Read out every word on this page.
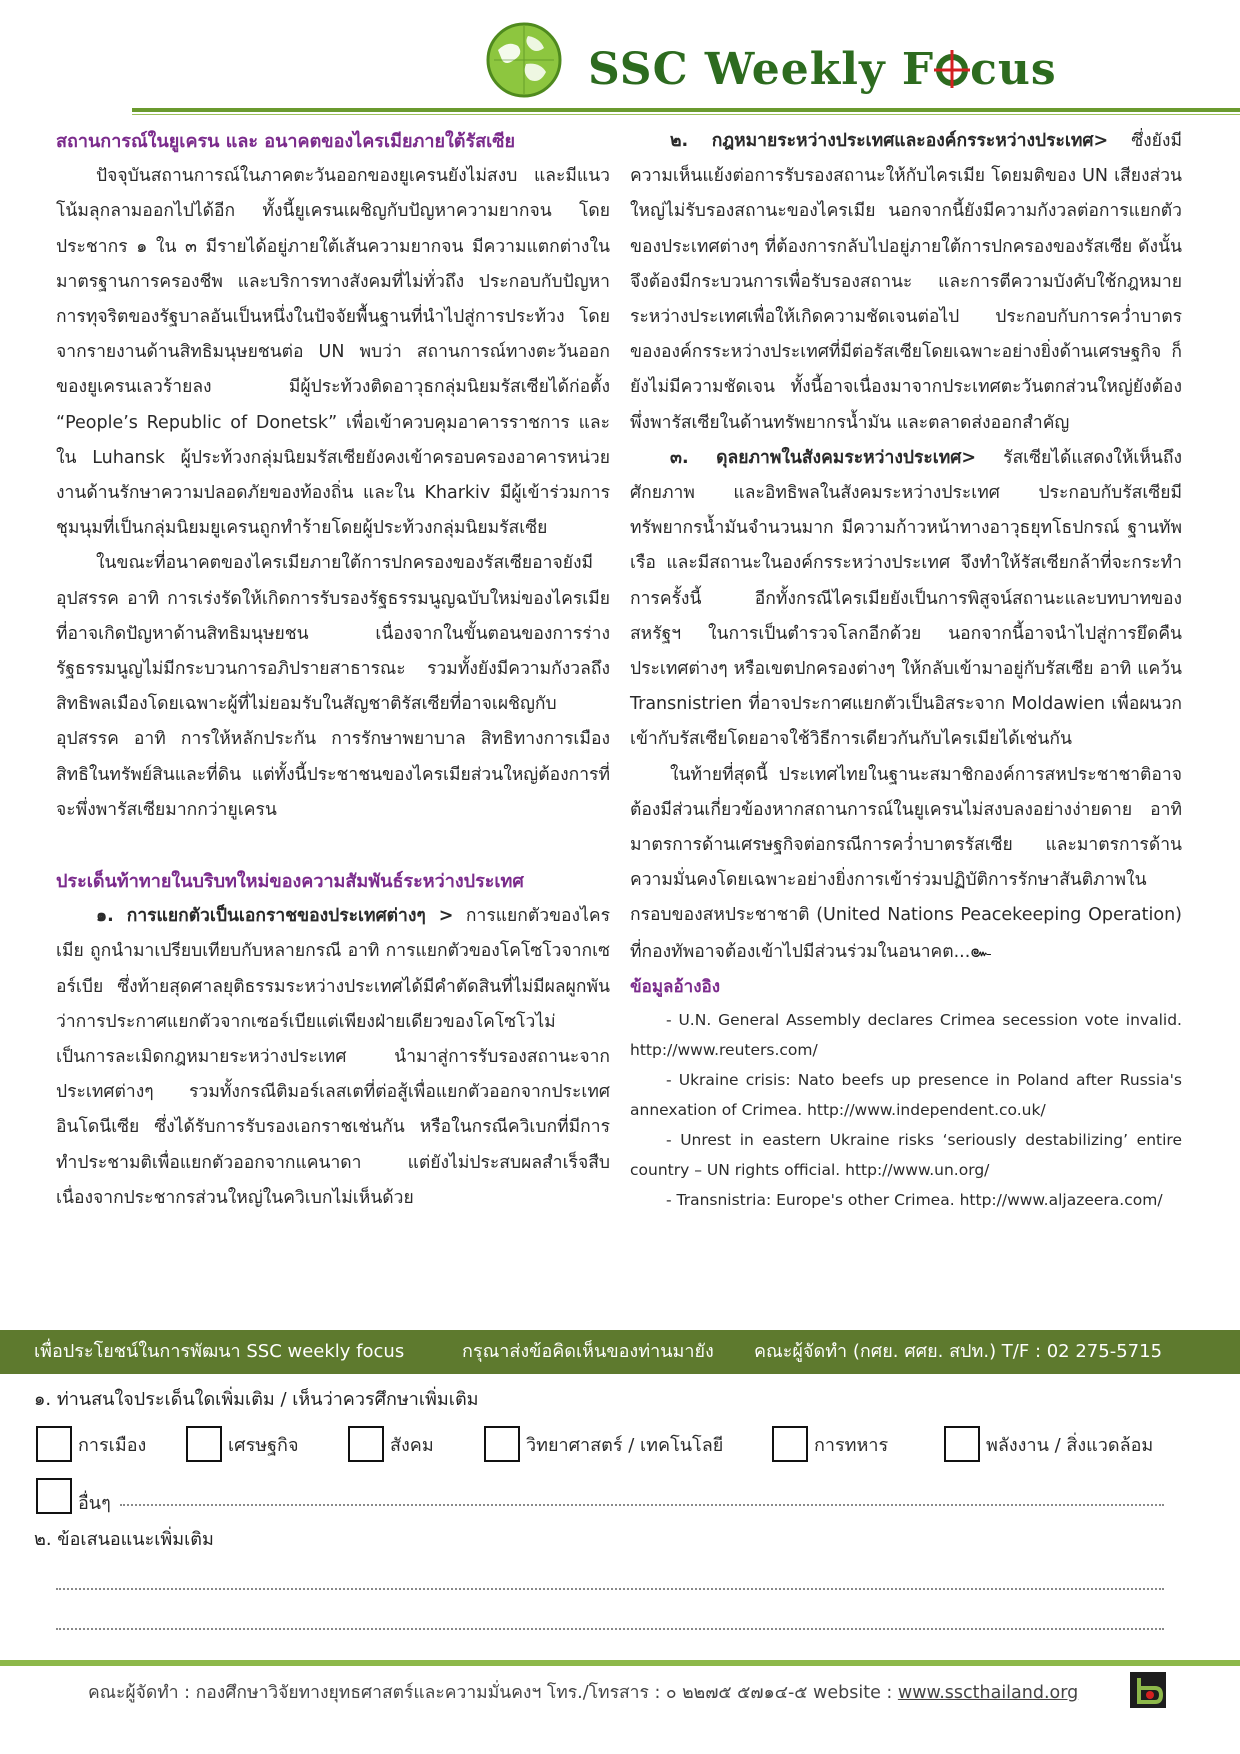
SSC Weekly F cus

สถานการณ์ในยูเครน และ อนาคตของไครเมียภายใต้รัสเซีย

ปัจจุบันสถานการณ์ในภาคตะวันออกของยูเครนยังไม่สงบ และมีแนวโน้มลุกลามออกไปได้อีก ทั้งนี้ยูเครนเผชิญกับปัญหาความยากจน โดยประชากร ๑ ใน ๓ มีรายได้อยู่ภายใต้เส้นความยากจน มีความแตกต่างในมาตรฐานการครองชีพ และบริการทางสังคมที่ไม่ทั่วถึง ประกอบกับปัญหาการทุจริตของรัฐบาลอันเป็นหนึ่งในปัจจัยพื้นฐานที่นำไปสู่การประท้วง โดยจากรายงานด้านสิทธิมนุษยชนต่อ UN พบว่า สถานการณ์ทางตะวันออกของยูเครนเลวร้ายลง มีผู้ประท้วงติดอาวุธกลุ่มนิยมรัสเซียได้ก่อตั้ง “People’s Republic of Donetsk” เพื่อเข้าควบคุมอาคารราชการ และใน Luhansk ผู้ประท้วงกลุ่มนิยมรัสเซียยังคงเข้าครอบครองอาคารหน่วยงานด้านรักษาความปลอดภัยของท้องถิ่น และใน Kharkiv มีผู้เข้าร่วมการชุมนุมที่เป็นกลุ่มนิยมยูเครนถูกทำร้ายโดยผู้ประท้วงกลุ่มนิยมรัสเซีย

ในขณะที่อนาคตของไครเมียภายใต้การปกครองของรัสเซียอาจยังมีอุปสรรค อาทิ การเร่งรัดให้เกิดการรับรองรัฐธรรมนูญฉบับใหม่ของไครเมียที่อาจเกิดปัญหาด้านสิทธิมนุษยชน เนื่องจากในขั้นตอนของการร่างรัฐธรรมนูญไม่มีกระบวนการอภิปรายสาธารณะ รวมทั้งยังมีความกังวลถึงสิทธิพลเมืองโดยเฉพาะผู้ที่ไม่ยอมรับในสัญชาติรัสเซียที่อาจเผชิญกับอุปสรรค อาทิ การให้หลักประกัน การรักษาพยาบาล สิทธิทางการเมือง สิทธิในทรัพย์สินและที่ดิน แต่ทั้งนี้ประชาชนของไครเมียส่วนใหญ่ต้องการที่จะพึ่งพารัสเซียมากกว่ายูเครน

ประเด็นท้าทายในบริบทใหม่ของความสัมพันธ์ระหว่างประเทศ

๑. การแยกตัวเป็นเอกราชของประเทศต่างๆ > การแยกตัวของไครเมีย ถูกนำมาเปรียบเทียบกับหลายกรณี อาทิ การแยกตัวของโคโซโวจากเซอร์เบีย ซึ่งท้ายสุดศาลยุติธรรมระหว่างประเทศได้มีคำตัดสินที่ไม่มีผลผูกพันว่าการประกาศแยกตัวจากเซอร์เบียแต่เพียงฝ่ายเดียวของโคโซโวไม่เป็นการละเมิดกฎหมายระหว่างประเทศ นำมาสู่การรับรองสถานะจากประเทศต่างๆ รวมทั้งกรณีติมอร์เลสเตที่ต่อสู้เพื่อแยกตัวออกจากประเทศอินโดนีเซีย ซึ่งได้รับการรับรองเอกราชเช่นกัน หรือในกรณีควิเบกที่มีการทำประชามติเพื่อแยกตัวออกจากแคนาดา แต่ยังไม่ประสบผลสำเร็จสืบเนื่องจากประชากรส่วนใหญ่ในควิเบกไม่เห็นด้วย

๒. กฎหมายระหว่างประเทศและองค์กรระหว่างประเทศ> ซึ่งยังมีความเห็นแย้งต่อการรับรองสถานะให้กับไครเมีย โดยมติของ UN เสียงส่วนใหญ่ไม่รับรองสถานะของไครเมีย นอกจากนี้ยังมีความกังวลต่อการแยกตัวของประเทศต่างๆ ที่ต้องการกลับไปอยู่ภายใต้การปกครองของรัสเซีย ดังนั้นจึงต้องมีกระบวนการเพื่อรับรองสถานะ และการตีความบังคับใช้กฎหมายระหว่างประเทศเพื่อให้เกิดความชัดเจนต่อไป ประกอบกับการคว่ำบาตรขององค์กรระหว่างประเทศที่มีต่อรัสเซียโดยเฉพาะอย่างยิ่งด้านเศรษฐกิจ ก็ยังไม่มีความชัดเจน ทั้งนี้อาจเนื่องมาจากประเทศตะวันตกส่วนใหญ่ยังต้องพึ่งพารัสเซียในด้านทรัพยากรน้ำมัน และตลาดส่งออกสำคัญ

๓. ดุลยภาพในสังคมระหว่างประเทศ> รัสเซียได้แสดงให้เห็นถึงศักยภาพ และอิทธิพลในสังคมระหว่างประเทศ ประกอบกับรัสเซียมีทรัพยากรน้ำมันจำนวนมาก มีความก้าวหน้าทางอาวุธยุทโธปกรณ์ ฐานทัพเรือ และมีสถานะในองค์กรระหว่างประเทศ จึงทำให้รัสเซียกล้าที่จะกระทำการครั้งนี้ อีกทั้งกรณีไครเมียยังเป็นการพิสูจน์สถานะและบทบาทของสหรัฐฯ ในการเป็นตำรวจโลกอีกด้วย นอกจากนี้อาจนำไปสู่การยึดคืนประเทศต่างๆ หรือเขตปกครองต่างๆ ให้กลับเข้ามาอยู่กับรัสเซีย อาทิ แคว้น Transnistrien ที่อาจประกาศแยกตัวเป็นอิสระจาก Moldawien เพื่อผนวกเข้ากับรัสเซียโดยอาจใช้วิธีการเดียวกันกับไครเมียได้เช่นกัน

ในท้ายที่สุดนี้ ประเทศไทยในฐานะสมาชิกองค์การสหประชาชาติอาจต้องมีส่วนเกี่ยวข้องหากสถานการณ์ในยูเครนไม่สงบลงอย่างง่ายดาย อาทิ มาตรการด้านเศรษฐกิจต่อกรณีการคว่ำบาตรรัสเซีย และมาตรการด้านความมั่นคงโดยเฉพาะอย่างยิ่งการเข้าร่วมปฏิบัติการรักษาสันติภาพในกรอบของสหประชาชาติ (United Nations Peacekeeping Operation) ที่กองทัพอาจต้องเข้าไปมีส่วนร่วมในอนาคต...๛

ข้อมูลอ้างอิง

- U.N. General Assembly declares Crimea secession vote invalid. http://www.reuters.com/

- Ukraine crisis: Nato beefs up presence in Poland after Russia's annexation of Crimea. http://www.independent.co.uk/

- Unrest in eastern Ukraine risks ‘seriously destabilizing’ entire country – UN rights official. http://www.un.org/

- Transnistria: Europe's other Crimea. http://www.aljazeera.com/

เพื่อประโยชน์ในการพัฒนา SSC weekly focus	กรุณาส่งข้อคิดเห็นของท่านมายัง คณะผู้จัดทำ (กศย. ศศย. สปท.) T/F : 02 275-5715
๑. ท่านสนใจประเด็นใดเพิ่มเติม / เห็นว่าควรศึกษาเพิ่มเติม
การเมือง	เศรษฐกิจ	สังคม	วิทยาศาสตร์ / เทคโนโลยี	การทหาร	พลังงาน / สิ่งแวดล้อม
อื่นๆ
๒. ข้อเสนอแนะเพิ่มเติม
คณะผู้จัดทำ : กองศึกษาวิจัยทางยุทธศาสตร์และความมั่นคงฯ โทร./โทรสาร : ๐ ๒๒๗๕ ๕๗๑๔-๕ website : www.sscthailand.org
